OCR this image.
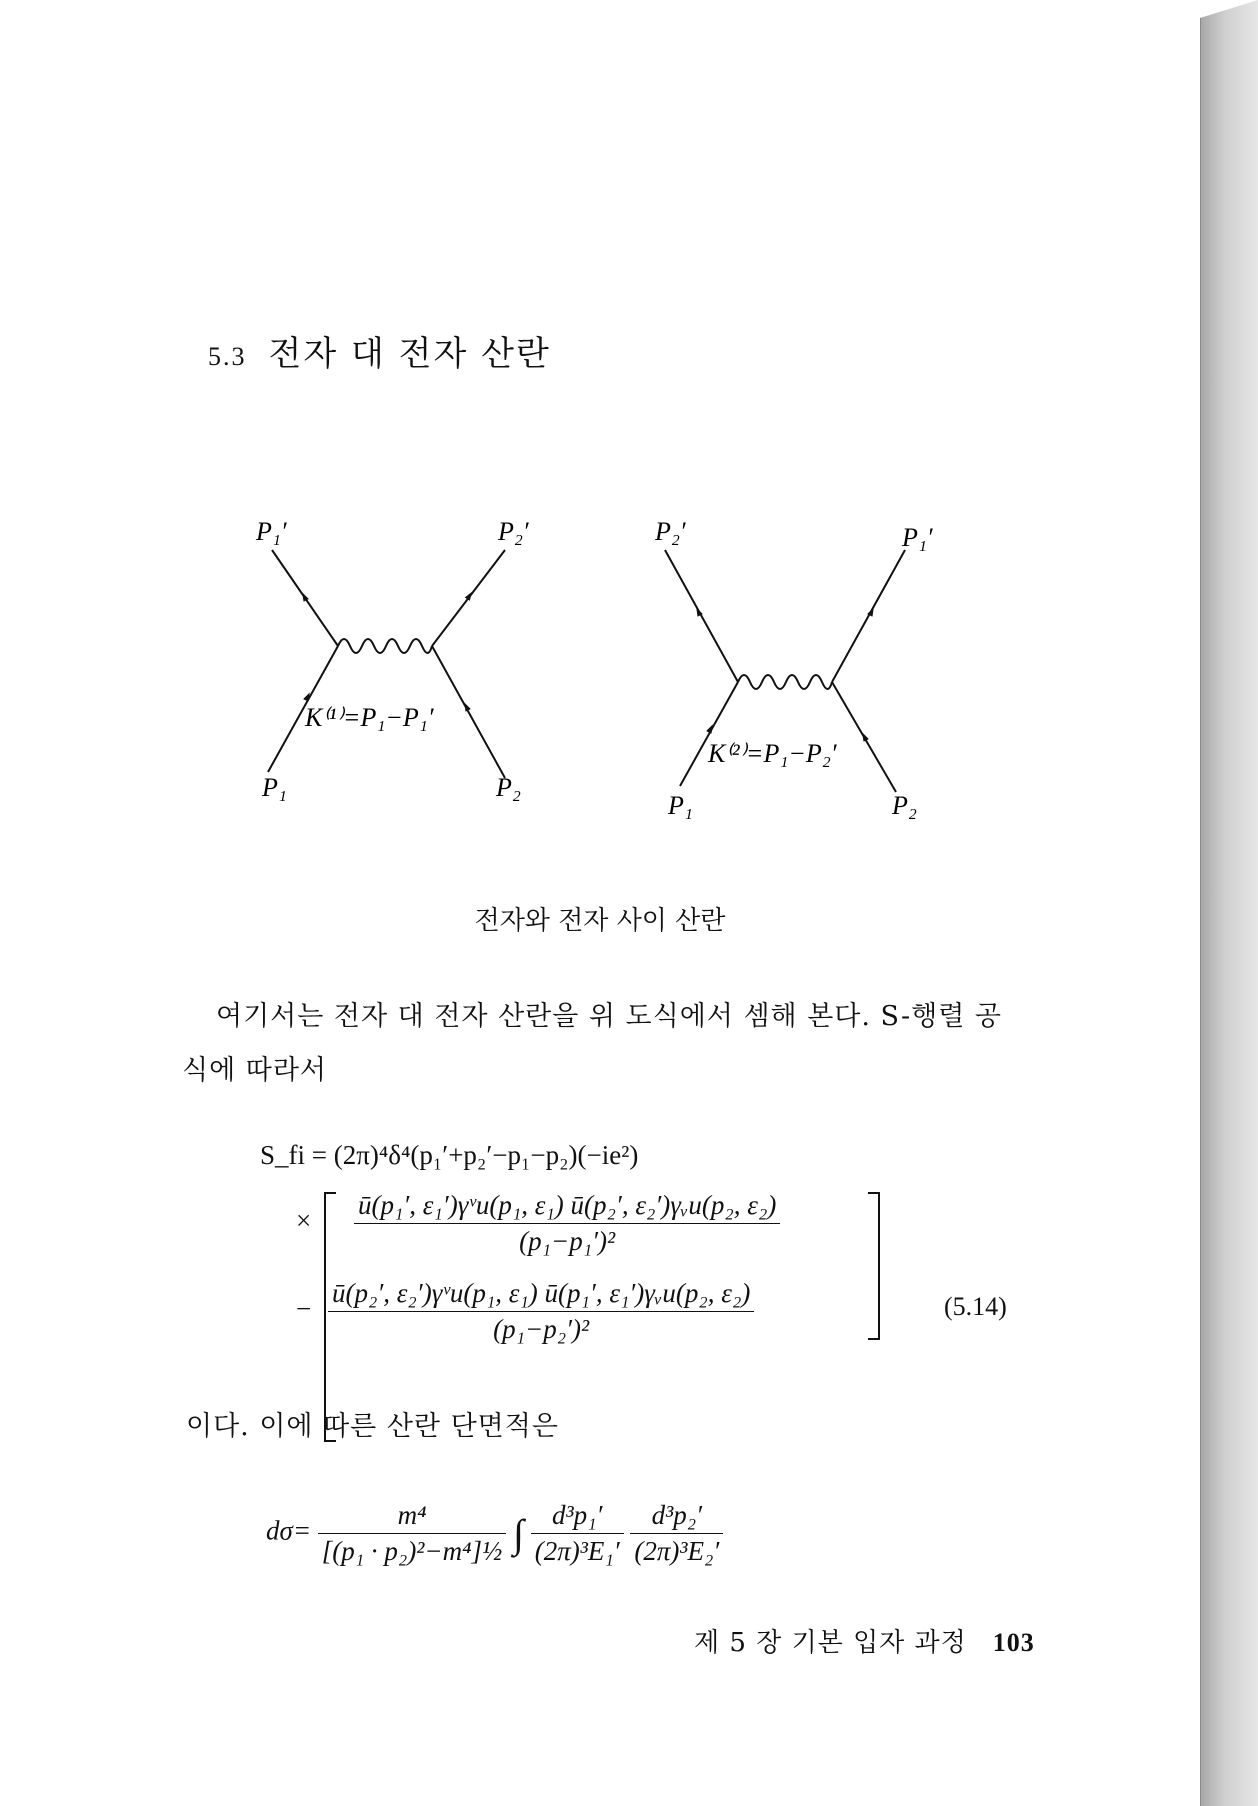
5.3 전자 대 전자 산란
P₁′	P₂′
P₁	P₂
K⁽¹⁾=P₁−P₁′
P₂′	P₁′
P₁	P₂
K⁽²⁾=P₁−P₂′
전자와 전자 사이 산란
여기서는 전자 대 전자 산란을 위 도식에서 셈해 본다. S-행렬 공
식에 따라서
S_fi = (2π)⁴δ⁴(p₁′+p₂′−p₁−p₂)(−ie²)
× $\frac{\text{ū(p₁′, ε₁′)γᵛu(p₁, ε₁) ū(p₂′, ε₂′)γᵥu(p₂, ε₂)}}{\text{(p₁−p₁′)²}}$
− $\frac{\text{ū(p₂′, ε₂′)γᵛu(p₁, ε₁) ū(p₁′, ε₁′)γᵥu(p₂, ε₂)}}{\text{(p₁−p₂′)²}}$	(5.14)
이다. 이에 따른 산란 단면적은
$d\sigma= \frac{\text{m⁴}}{\text{[(p₁ · p₂)²−m⁴]½}}$ ∫ $\frac{\text{d³p₁′}}{\text{(2π)³E₁′}}$
$\frac{\text{d³p₂′}}{\text{(2π)³E₂′}}$
제 5 장 기본 입자 과정 103
